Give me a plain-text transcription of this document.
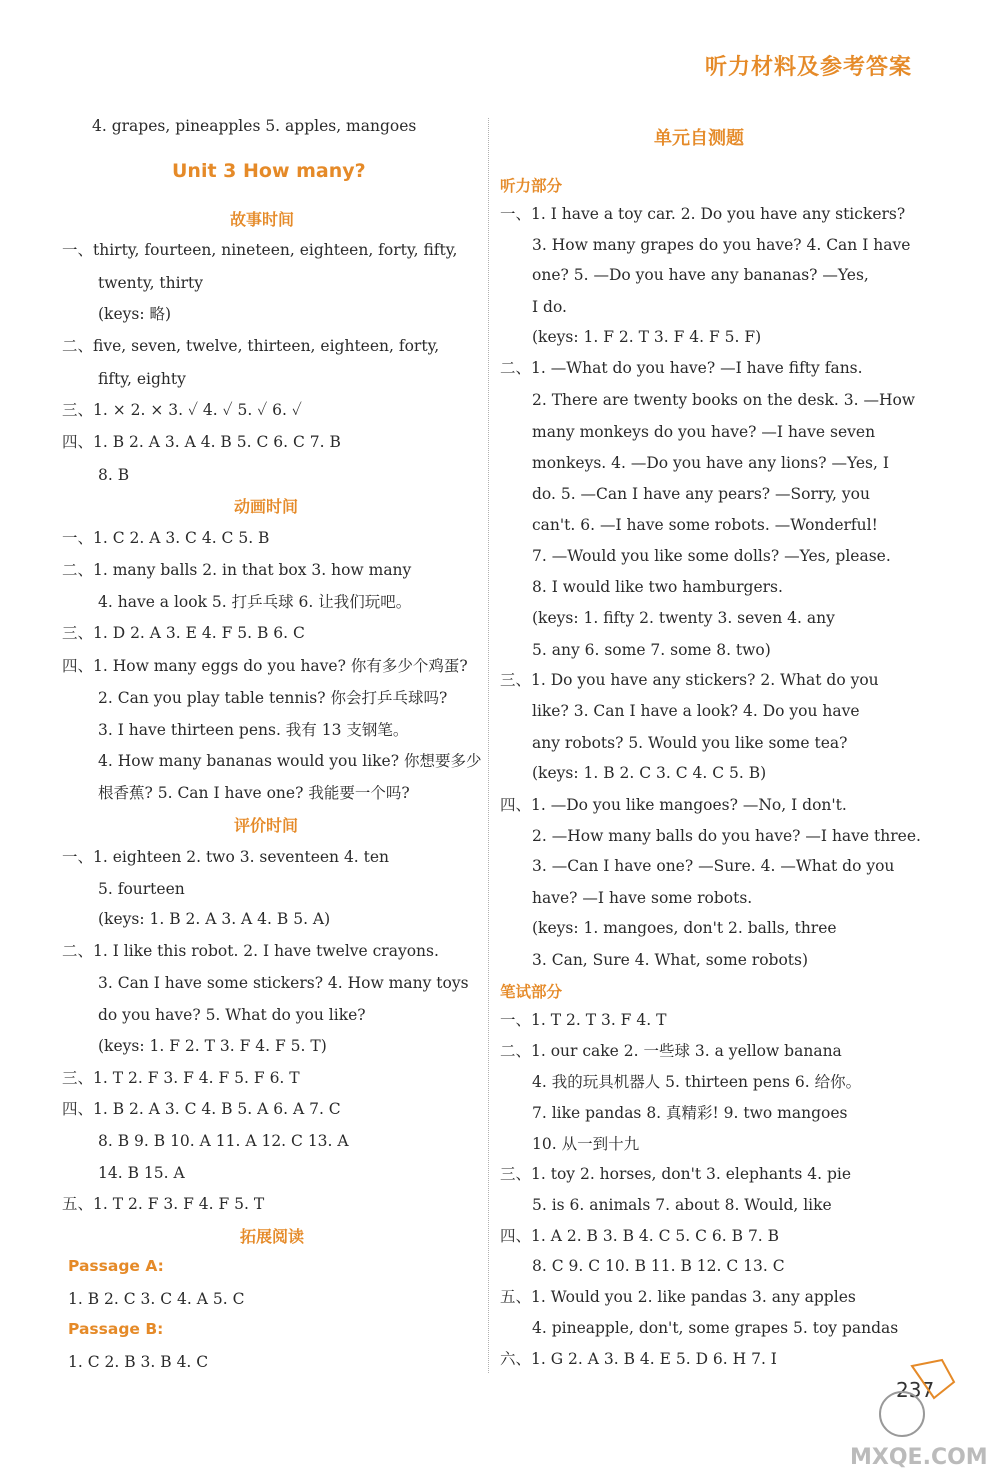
听力材料及参考答案
4. grapes, pineapples 5. apples, mangoes
Unit 3 How many?
故事时间
一、thirty, fourteen, nineteen, eighteen, forty, fifty,
twenty, thirty
(keys: 略)
二、five, seven, twelve, thirteen, eighteen, forty,
fifty, eighty
三、1. × 2. × 3. ✓ 4. ✓ 5. ✓ 6. ✓
四、1. B 2. A 3. A 4. B 5. C 6. C 7. B
8. B
动画时间
一、1. C 2. A 3. C 4. C 5. B
二、1. many balls 2. in that box 3. how many
4. have a look 5. 打乒乓球 6. 让我们玩吧。
三、1. D 2. A 3. E 4. F 5. B 6. C
四、1. How many eggs do you have? 你有多少个鸡蛋?
2. Can you play table tennis? 你会打乒乓球吗?
3. I have thirteen pens. 我有 13 支钢笔。
4. How many bananas would you like? 你想要多少
根香蕉? 5. Can I have one? 我能要一个吗?
评价时间
一、1. eighteen 2. two 3. seventeen 4. ten
5. fourteen
(keys: 1. B 2. A 3. A 4. B 5. A)
二、1. I like this robot. 2. I have twelve crayons.
3. Can I have some stickers? 4. How many toys
do you have? 5. What do you like?
(keys: 1. F 2. T 3. F 4. F 5. T)
三、1. T 2. F 3. F 4. F 5. F 6. T
四、1. B 2. A 3. C 4. B 5. A 6. A 7. C
8. B 9. B 10. A 11. A 12. C 13. A
14. B 15. A
五、1. T 2. F 3. F 4. F 5. T
拓展阅读
Passage A:
1. B 2. C 3. C 4. A 5. C
Passage B:
1. C 2. B 3. B 4. C
单元自测题
听力部分
一、1. I have a toy car. 2. Do you have any stickers?
3. How many grapes do you have? 4. Can I have
one? 5. —Do you have any bananas? —Yes,
I do.
(keys: 1. F 2. T 3. F 4. F 5. F)
二、1. —What do you have? —I have fifty fans.
2. There are twenty books on the desk. 3. —How
many monkeys do you have? —I have seven
monkeys. 4. —Do you have any lions? —Yes, I
do. 5. —Can I have any pears? —Sorry, you
can't. 6. —I have some robots. —Wonderful!
7. —Would you like some dolls? —Yes, please.
8. I would like two hamburgers.
(keys: 1. fifty 2. twenty 3. seven 4. any
5. any 6. some 7. some 8. two)
三、1. Do you have any stickers? 2. What do you
like? 3. Can I have a look? 4. Do you have
any robots? 5. Would you like some tea?
(keys: 1. B 2. C 3. C 4. C 5. B)
四、1. —Do you like mangoes? —No, I don't.
2. —How many balls do you have? —I have three.
3. —Can I have one? —Sure. 4. —What do you
have? —I have some robots.
(keys: 1. mangoes, don't 2. balls, three
3. Can, Sure 4. What, some robots)
笔试部分
一、1. T 2. T 3. F 4. T
二、1. our cake 2. 一些球 3. a yellow banana
4. 我的玩具机器人 5. thirteen pens 6. 给你。
7. like pandas 8. 真精彩! 9. two mangoes
10. 从一到十九
三、1. toy 2. horses, don't 3. elephants 4. pie
5. is 6. animals 7. about 8. Would, like
四、1. A 2. B 3. B 4. C 5. C 6. B 7. B
8. C 9. C 10. B 11. B 12. C 13. C
五、1. Would you 2. like pandas 3. any apples
4. pineapple, don't, some grapes 5. toy pandas
六、1. G 2. A 3. B 4. E 5. D 6. H 7. I
237
MXQE.COM
